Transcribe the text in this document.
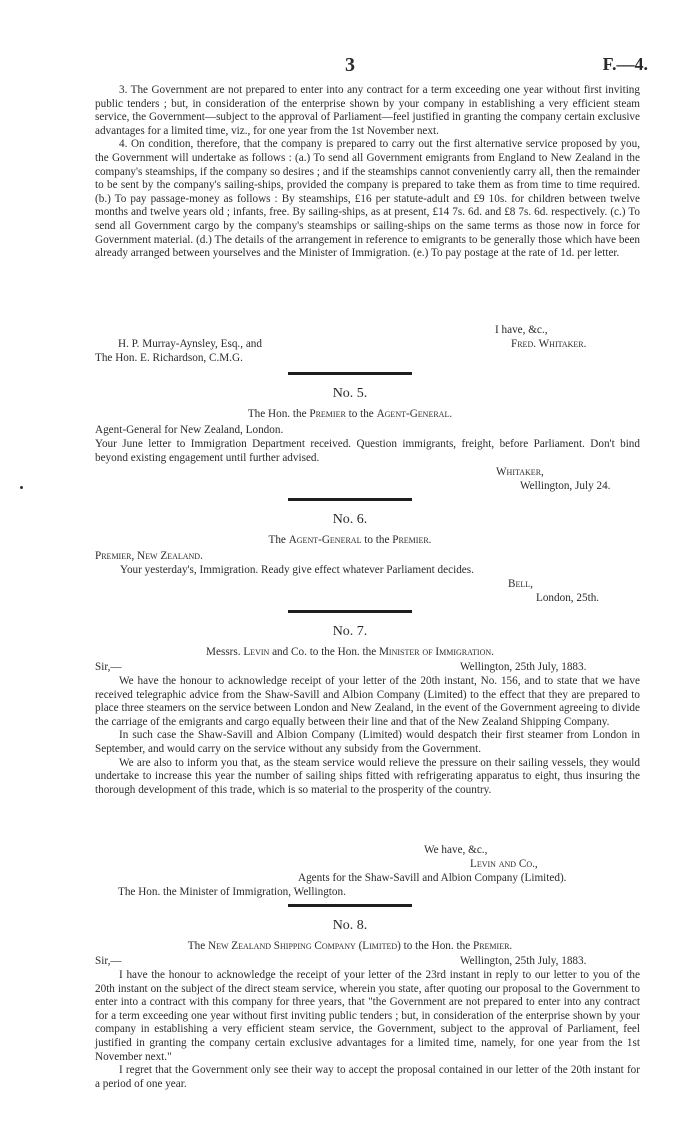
3	F.—4.

3. The Government are not prepared to enter into any contract for a term exceeding one year without first inviting public tenders ; but, in consideration of the enterprise shown by your company in establishing a very efficient steam service, the Government—subject to the approval of Parliament—feel justified in granting the company certain exclusive advantages for a limited time, viz., for one year from the 1st November next.

4. On condition, therefore, that the company is prepared to carry out the first alternative service proposed by you, the Government will undertake as follows : (a.) To send all Government emigrants from England to New Zealand in the company's steamships, if the company so desires ; and if the steamships cannot conveniently carry all, then the remainder to be sent by the company's sailing-ships, provided the company is prepared to take them as from time to time required. (b.) To pay passage-money as follows : By steamships, £16 per statute-adult and £9 10s. for children between twelve months and twelve years old ; infants, free. By sailing-ships, as at present, £14 7s. 6d. and £8 7s. 6d. respectively. (c.) To send all Government cargo by the company's steamships or sailing-ships on the same terms as those now in force for Government material. (d.) The details of the arrangement in reference to emigrants to be generally those which have been already arranged between yourselves and the Minister of Immigration. (e.) To pay postage at the rate of 1d. per letter.

I have, &c.,
Fred. Whitaker.
H. P. Murray-Aynsley, Esq., and
The Hon. E. Richardson, C.M.G.
No. 5.
The Hon. the Premier to the Agent-General.
Agent-General for New Zealand, London.

Your June letter to Immigration Department received. Question immigrants, freight, before Parliament. Don't bind beyond existing engagement until further advised.

Whitaker,
Wellington, July 24.
No. 6.
The Agent-General to the Premier.
Premier, New Zealand.
Your yesterday's, Immigration. Ready give effect whatever Parliament decides.
Bell,
London, 25th.
No. 7.
Messrs. Levin and Co. to the Hon. the Minister of Immigration.
Sir,—	Wellington, 25th July, 1883.

We have the honour to acknowledge receipt of your letter of the 20th instant, No. 156, and to state that we have received telegraphic advice from the Shaw-Savill and Albion Company (Limited) to the effect that they are prepared to place three steamers on the service between London and New Zealand, in the event of the Government agreeing to divide the carriage of the emigrants and cargo equally between their line and that of the New Zealand Shipping Company.

In such case the Shaw-Savill and Albion Company (Limited) would despatch their first steamer from London in September, and would carry on the service without any subsidy from the Government.

We are also to inform you that, as the steam service would relieve the pressure on their sailing vessels, they would undertake to increase this year the number of sailing ships fitted with refrigerating apparatus to eight, thus insuring the thorough development of this trade, which is so material to the prosperity of the country.

We have, &c.,
Levin and Co.,
Agents for the Shaw-Savill and Albion Company (Limited).
The Hon. the Minister of Immigration, Wellington.
No. 8.
The New Zealand Shipping Company (Limited) to the Hon. the Premier.
Sir,—	Wellington, 25th July, 1883.

I have the honour to acknowledge the receipt of your letter of the 23rd instant in reply to our letter to you of the 20th instant on the subject of the direct steam service, wherein you state, after quoting our proposal to the Government to enter into a contract with this company for three years, that "the Government are not prepared to enter into any contract for a term exceeding one year without first inviting public tenders ; but, in consideration of the enterprise shown by your company in establishing a very efficient steam service, the Government, subject to the approval of Parliament, feel justified in granting the company certain exclusive advantages for a limited time, namely, for one year from the 1st November next."

I regret that the Government only see their way to accept the proposal contained in our letter of the 20th instant for a period of one year.
